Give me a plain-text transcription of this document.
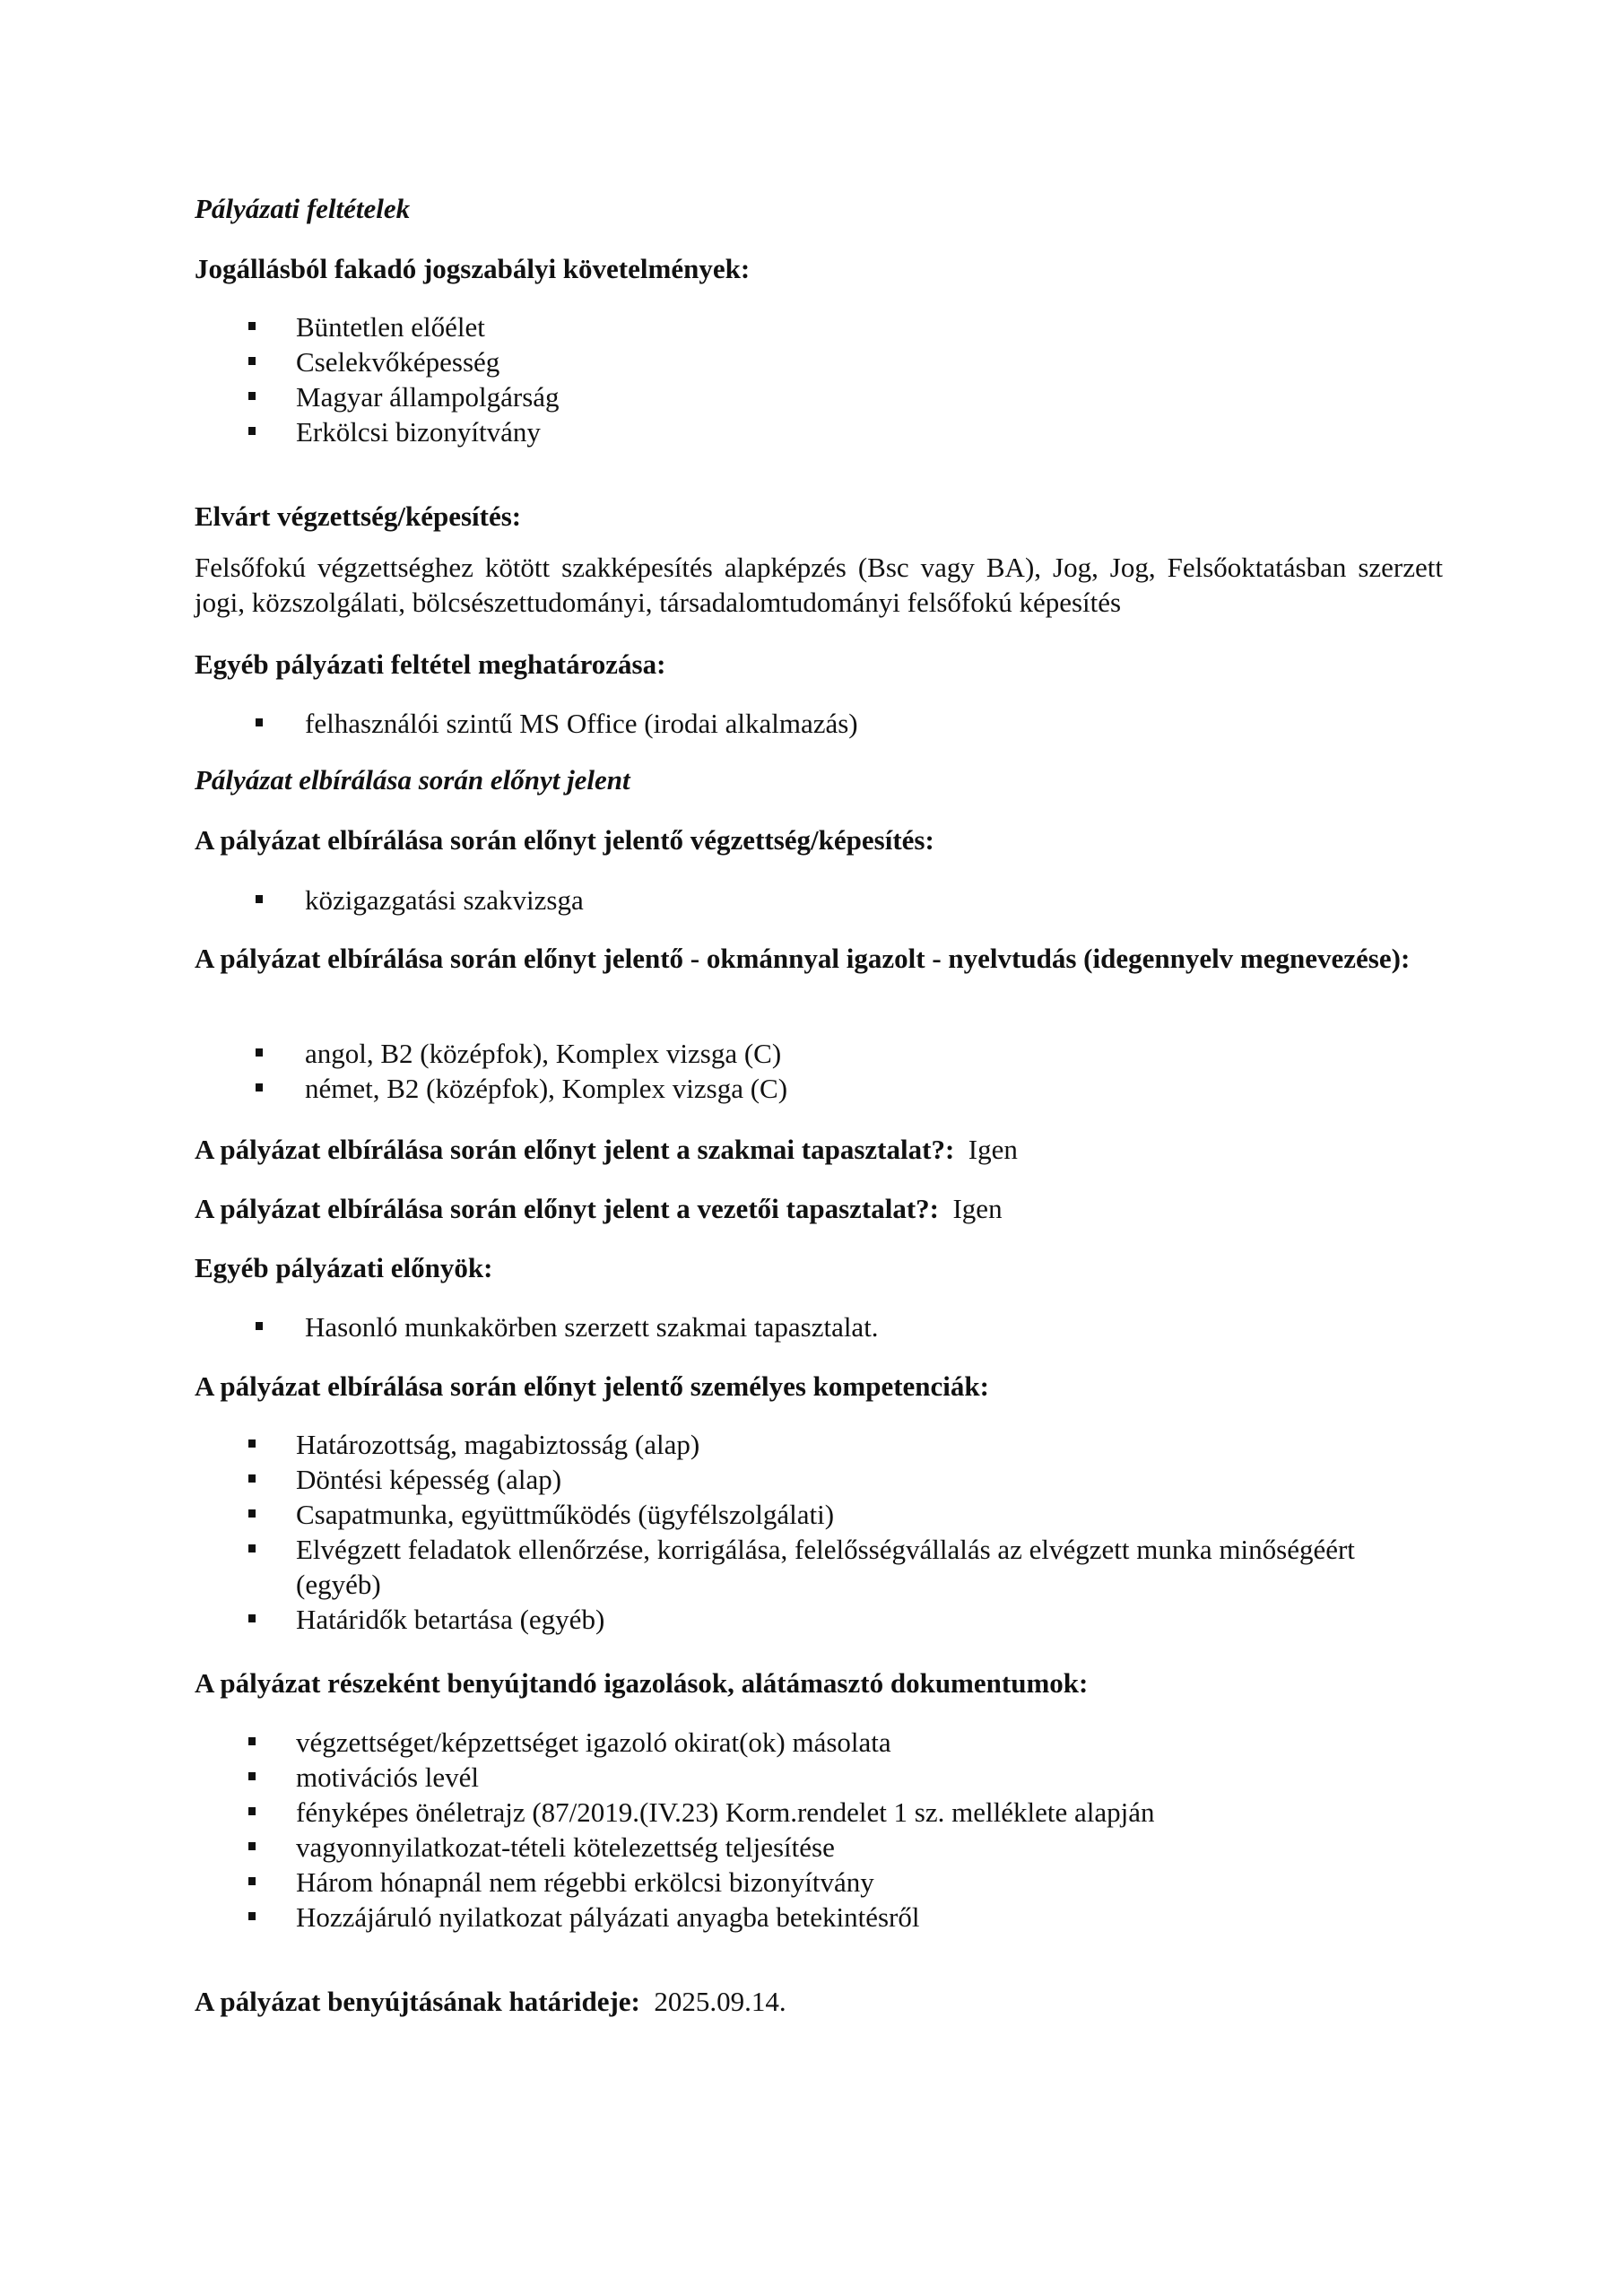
Pályázati feltételek

Jogállásból fakadó jogszabályi követelmények:

Büntetlen előélet
Cselekvőképesség
Magyar állampolgárság
Erkölcsi bizonyítvány

Elvárt végzettség/képesítés:

Felsőfokú végzettséghez kötött szakképesítés alapképzés (Bsc vagy BA), Jog, Jog, Felsőoktatásban szerzett jogi, közszolgálati, bölcsészettudományi, társadalomtudományi felsőfokú képesítés

Egyéb pályázati feltétel meghatározása:

felhasználói szintű MS Office (irodai alkalmazás)

Pályázat elbírálása során előnyt jelent

A pályázat elbírálása során előnyt jelentő végzettség/képesítés:

közigazgatási szakvizsga

A pályázat elbírálása során előnyt jelentő - okmánnyal igazolt - nyelvtudás (idegennyelv megnevezése):

angol, B2 (középfok), Komplex vizsga (C)
német, B2 (középfok), Komplex vizsga (C)

A pályázat elbírálása során előnyt jelent a szakmai tapasztalat?: Igen

A pályázat elbírálása során előnyt jelent a vezetői tapasztalat?: Igen

Egyéb pályázati előnyök:

Hasonló munkakörben szerzett szakmai tapasztalat.

A pályázat elbírálása során előnyt jelentő személyes kompetenciák:

Határozottság, magabiztosság (alap)
Döntési képesség (alap)
Csapatmunka, együttműködés (ügyfélszolgálati)
Elvégzett feladatok ellenőrzése, korrigálása, felelősségvállalás az elvégzett munka minőségéért (egyéb)
Határidők betartása (egyéb)

A pályázat részeként benyújtandó igazolások, alátámasztó dokumentumok:

végzettséget/képzettséget igazoló okirat(ok) másolata
motivációs levél
fényképes önéletrajz (87/2019.(IV.23) Korm.rendelet 1 sz. melléklete alapján
vagyonnyilatkozat-tételi kötelezettség teljesítése
Három hónapnál nem régebbi erkölcsi bizonyítvány
Hozzájáruló nyilatkozat pályázati anyagba betekintésről

A pályázat benyújtásának határideje: 2025.09.14.
